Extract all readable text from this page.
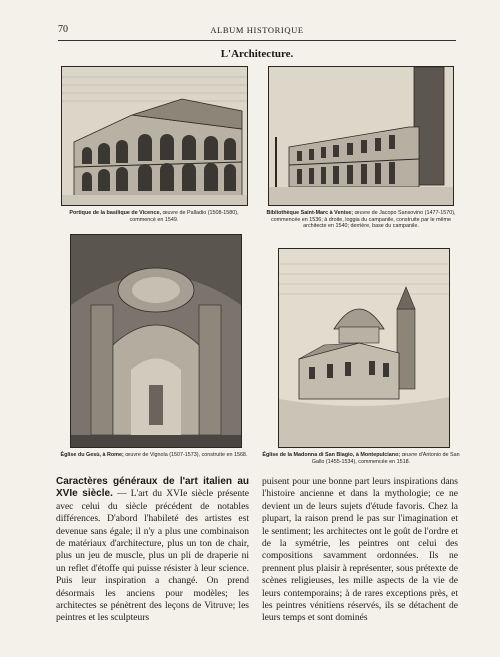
70	ALBUM HISTORIQUE
L'Architecture.
Portique de la basilique de Vicence, œuvre de Palladio (1508-1580), commencé en 1549.
Bibliothèque Saint-Marc à Venise; œuvre de Jacopo Sansovino (1477-1570), commencée en 1536; à droite, loggia du campanile, construite par le même architecte en 1540; derrière, base du campanile.
Église du Gesù, à Rome; œuvre de Vignola (1507-1573), construite en 1568.	Église de la Madonna di San Biagio, à Montepulciano; œuvre d'Antonio de San Gallo (1455-1534), commencée en 1518.

Caractères généraux de l'art italien au XVIe siècle. — L'art du XVIe siècle présente avec celui du siècle précédent de notables différences. D'abord l'habileté des artistes est devenue sans égale; il n'y a plus une combinaison de matériaux d'architecture, plus un ton de chair, plus un jeu de muscle, plus un pli de draperie ni un reflet d'étoffe qui puisse résister à leur science. Puis leur inspiration a changé. On prend désormais les anciens pour modèles; les architectes se pénètrent des leçons de Vitruve; les peintres et les sculpteurs

puisent pour une bonne part leurs inspirations dans l'histoire ancienne et dans la mythologie; ce ne devient un de leurs sujets d'étude favoris. Chez la plupart, la raison prend le pas sur l'imagination et le sentiment; les architectes ont le goût de l'ordre et de la symétrie, les peintres ont celui des compositions savamment ordonnées. Ils ne prennent plus plaisir à représenter, sous prétexte de scènes religieuses, les mille aspects de la vie de leurs contemporains; à de rares exceptions près, et les peintres vénitiens réservés, ils se détachent de leurs temps et sont dominés
